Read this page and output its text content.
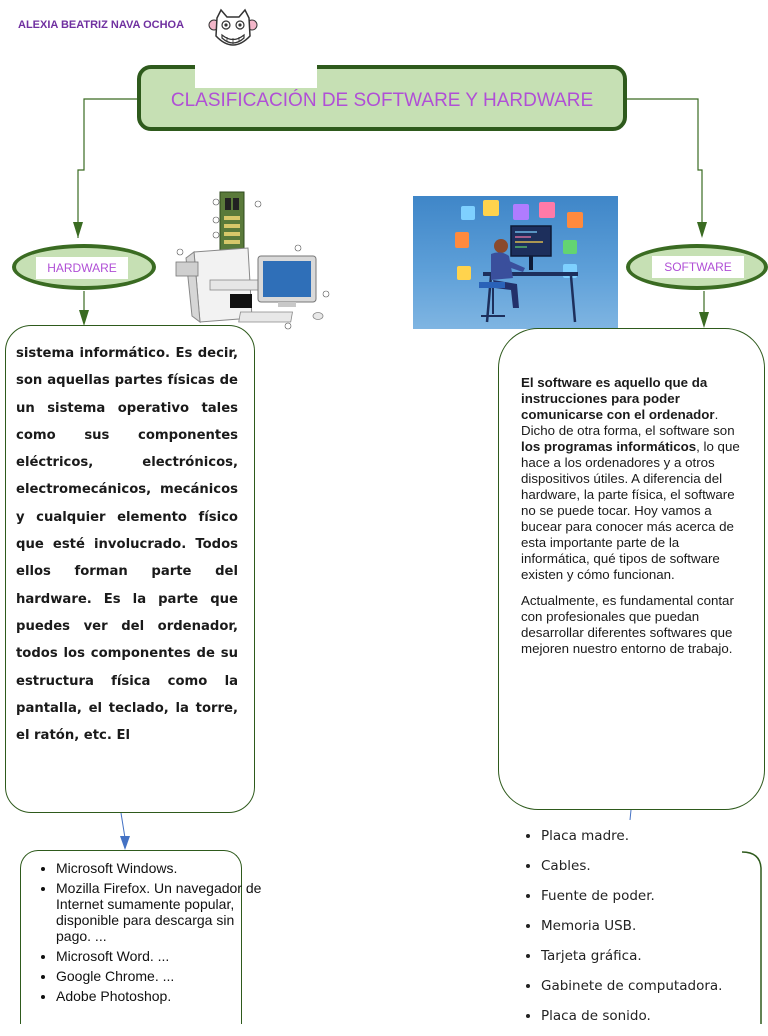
ALEXIA BEATRIZ NAVA OCHOA
CLASIFICACIÓN DE SOFTWARE Y HARDWARE
HARDWARE	SOFTWARE
sistema informático. Es decir, son aquellas partes físicas de un sistema operativo tales como sus componentes eléctricos, electrónicos, electromecánicos, mecánicos y cualquier elemento físico que esté involucrado. Todos ellos forman parte del hardware. Es la parte que puedes ver del ordenador, todos los componentes de su estructura física como la pantalla, el teclado, la torre, el ratón, etc. El

El software es aquello que da instrucciones para poder comunicarse con el ordenador. Dicho de otra forma, el software son los programas informáticos, lo que hace a los ordenadores y a otros dispositivos útiles. A diferencia del hardware, la parte física, el software no se puede tocar. Hoy vamos a bucear para conocer más acerca de esta importante parte de la informática, qué tipos de software existen y cómo funcionan.

Actualmente, es fundamental contar con profesionales que puedan desarrollar diferentes softwares que mejoren nuestro entorno de trabajo.

• Microsoft Windows.
• Mozilla Firefox. Un navegador de Internet sumamente popular, disponible para descarga sin pago. ...
• Microsoft Word. ...
• Google Chrome. ...
• Adobe Photoshop.
• Placa madre.
• Cables.
• Fuente de poder.
• Memoria USB.
• Tarjeta gráfica.
• Gabinete de computadora.
• Placa de sonido.
